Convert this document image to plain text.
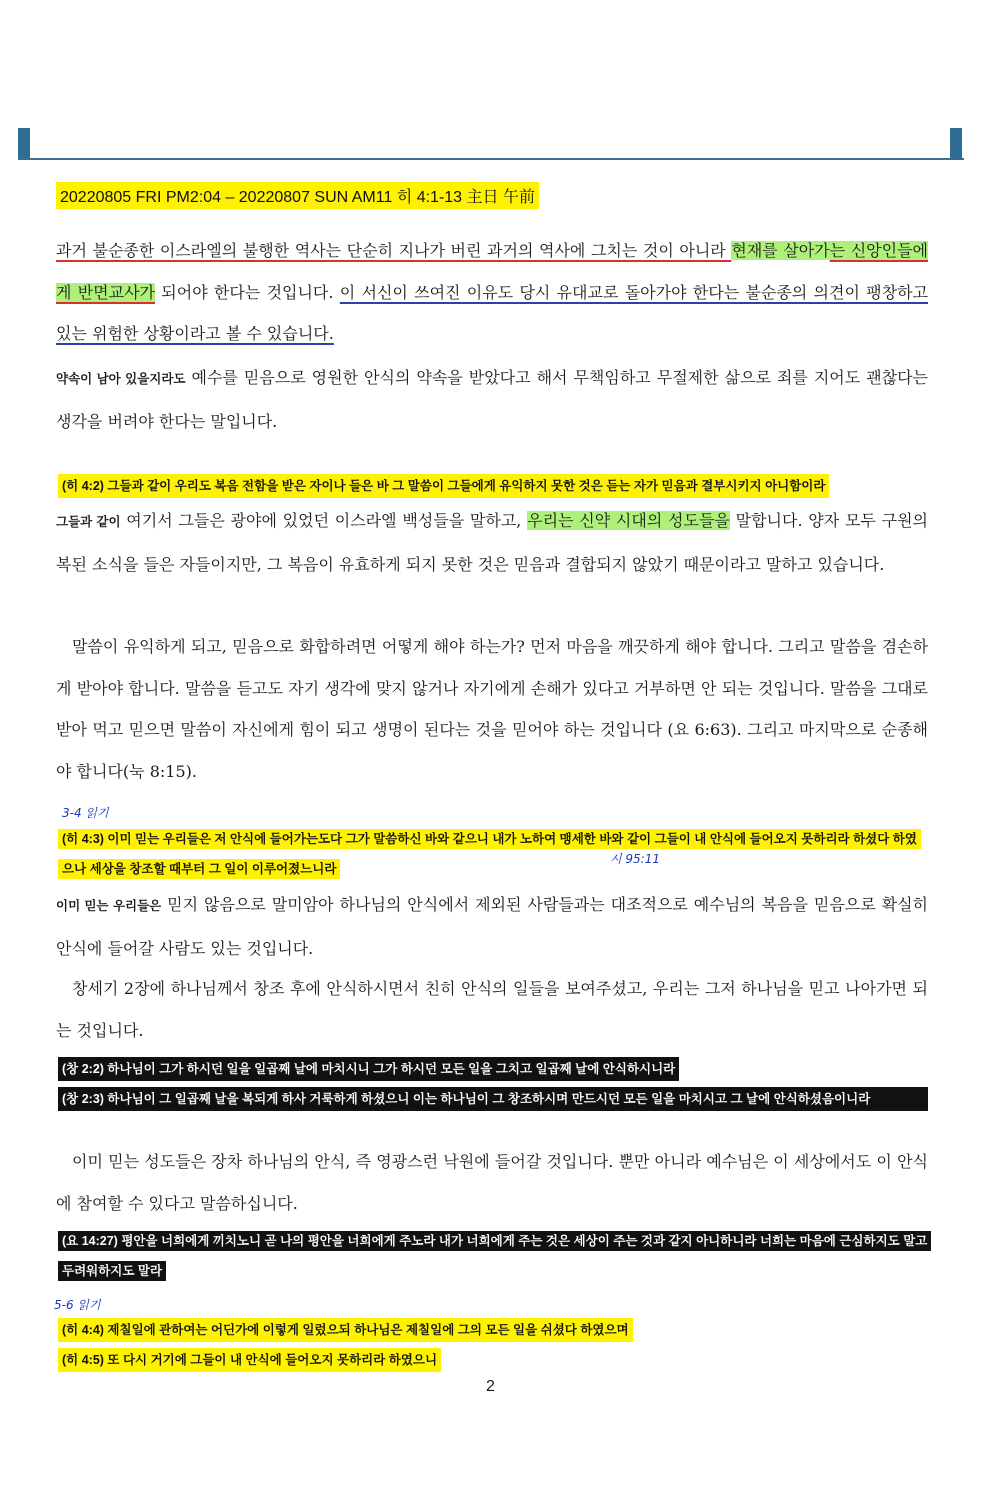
20220805 FRI PM2:04 – 20220807 SUN AM11 히 4:1-13 主日 午前

과거 불순종한 이스라엘의 불행한 역사는 단순히 지나가 버린 과거의 역사에 그치는 것이 아니라 현재를 살아가는 신앙인들에게 반면교사가 되어야 한다는 것입니다. 이 서신이 쓰여진 이유도 당시 유대교로 돌아가야 한다는 불순종의 의견이 팽창하고 있는 위험한 상황이라고 볼 수 있습니다.

약속이 남아 있을지라도 예수를 믿음으로 영원한 안식의 약속을 받았다고 해서 무책임하고 무절제한 삶으로 죄를 지어도 괜찮다는 생각을 버려야 한다는 말입니다.

(히 4:2) 그들과 같이 우리도 복음 전함을 받은 자이나 들은 바 그 말씀이 그들에게 유익하지 못한 것은 듣는 자가 믿음과 결부시키지 아니함이라

그들과 같이 여기서 그들은 광야에 있었던 이스라엘 백성들을 말하고, 우리는 신약 시대의 성도들을 말합니다. 양자 모두 구원의 복된 소식을 들은 자들이지만, 그 복음이 유효하게 되지 못한 것은 믿음과 결합되지 않았기 때문이라고 말하고 있습니다.

말씀이 유익하게 되고, 믿음으로 화합하려면 어떻게 해야 하는가? 먼저 마음을 깨끗하게 해야 합니다. 그리고 말씀을 겸손하게 받아야 합니다. 말씀을 듣고도 자기 생각에 맞지 않거나 자기에게 손해가 있다고 거부하면 안 되는 것입니다. 말씀을 그대로 받아 먹고 믿으면 말씀이 자신에게 힘이 되고 생명이 된다는 것을 믿어야 하는 것입니다 (요 6:63). 그리고 마지막으로 순종해야 합니다(눅 8:15).

3-4 읽기
(히 4:3) 이미 믿는 우리들은 저 안식에 들어가는도다 그가 말씀하신 바와 같으니 내가 노하여 맹세한 바와 같이 그들이 내 안식에 들어오지 못하리라 하셨다 하였으나 세상을 창조할 때부터 그 일이 이루어졌느니라
시 95:11

이미 믿는 우리들은 믿지 않음으로 말미암아 하나님의 안식에서 제외된 사람들과는 대조적으로 예수님의 복음을 믿음으로 확실히 안식에 들어갈 사람도 있는 것입니다.

창세기 2장에 하나님께서 창조 후에 안식하시면서 친히 안식의 일들을 보여주셨고, 우리는 그저 하나님을 믿고 나아가면 되는 것입니다.

(창 2:2) 하나님이 그가 하시던 일을 일곱째 날에 마치시니 그가 하시던 모든 일을 그치고 일곱째 날에 안식하시니라
(창 2:3) 하나님이 그 일곱째 날을 복되게 하사 거룩하게 하셨으니 이는 하나님이 그 창조하시며 만드시던 모든 일을 마치시고 그 날에 안식하셨음이니라

이미 믿는 성도들은 장차 하나님의 안식, 즉 영광스런 낙원에 들어갈 것입니다. 뿐만 아니라 예수님은 이 세상에서도 이 안식에 참여할 수 있다고 말씀하십니다.

(요 14:27) 평안을 너희에게 끼치노니 곧 나의 평안을 너희에게 주노라 내가 너희에게 주는 것은 세상이 주는 것과 같지 아니하니라 너희는 마음에 근심하지도 말고 두려워하지도 말라
5-6 읽기
(히 4:4) 제칠일에 관하여는 어딘가에 이렇게 일렀으되 하나님은 제칠일에 그의 모든 일을 쉬셨다 하였으며
(히 4:5) 또 다시 거기에 그들이 내 안식에 들어오지 못하리라 하였으니
2
